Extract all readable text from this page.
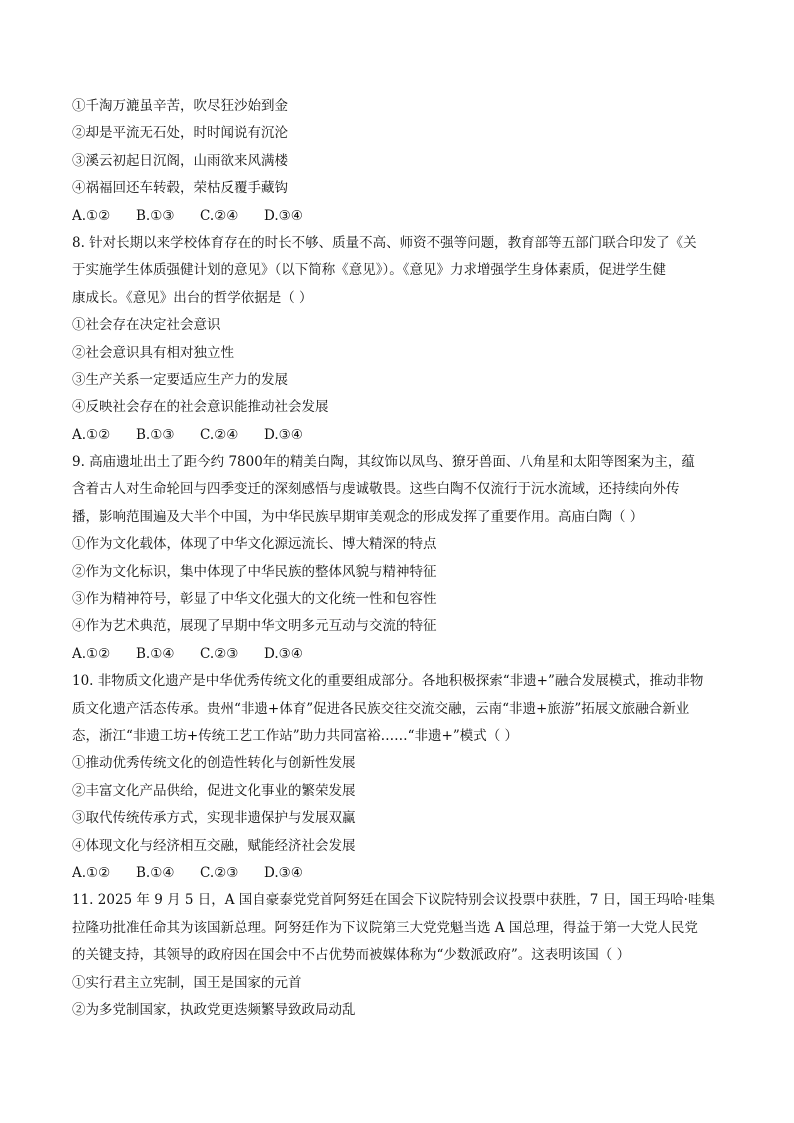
①千淘万漉虽辛苦，吹尽狂沙始到金
②却是平流无石处，时时闻说有沉沦
③溪云初起日沉阁，山雨欲来风满楼
④祸福回还车转毂，荣枯反覆手藏钩
A.①② B.①③ C.②④ D.③④
8. 针对长期以来学校体育存在的时长不够、质量不高、师资不强等问题，教育部等五部门联合印发了《关
于实施学生体质强健计划的意见》（以下简称《意见》）。《意见》力求增强学生身体素质，促进学生健
康成长。《意见》出台的哲学依据是（ ）
①社会存在决定社会意识
②社会意识具有相对独立性
③生产关系一定要适应生产力的发展
④反映社会存在的社会意识能推动社会发展
A.①② B.①③ C.②④ D.③④
9. 高庙遗址出土了距今约 7800年的精美白陶，其纹饰以凤鸟、獠牙兽面、八角星和太阳等图案为主，蕴
含着古人对生命轮回与四季变迁的深刻感悟与虔诚敬畏。这些白陶不仅流行于沅水流域，还持续向外传
播，影响范围遍及大半个中国，为中华民族早期审美观念的形成发挥了重要作用。高庙白陶（ ）
①作为文化载体，体现了中华文化源远流长、博大精深的特点
②作为文化标识，集中体现了中华民族的整体风貌与精神特征
③作为精神符号，彰显了中华文化强大的文化统一性和包容性
④作为艺术典范，展现了早期中华文明多元互动与交流的特征
A.①② B.①④ C.②③ D.③④
10. 非物质文化遗产是中华优秀传统文化的重要组成部分。各地积极探索“非遗+”融合发展模式，推动非物
质文化遗产活态传承。贵州“非遗+体育”促进各民族交往交流交融，云南“非遗+旅游”拓展文旅融合新业
态，浙江“非遗工坊+传统工艺工作站”助力共同富裕……“非遗+”模式（ ）
①推动优秀传统文化的创造性转化与创新性发展
②丰富文化产品供给，促进文化事业的繁荣发展
③取代传统传承方式，实现非遗保护与发展双赢
④体现文化与经济相互交融，赋能经济社会发展
A.①② B.①④ C.②③ D.③④
11. 2025 年 9 月 5 日，A 国自豪泰党党首阿努廷在国会下议院特别会议投票中获胜，7 日，国王玛哈·哇集
拉隆功批准任命其为该国新总理。阿努廷作为下议院第三大党党魁当选 A 国总理，得益于第一大党人民党
的关键支持，其领导的政府因在国会中不占优势而被媒体称为“少数派政府”。这表明该国（ ）
①实行君主立宪制，国王是国家的元首
②为多党制国家，执政党更迭频繁导致政局动乱
